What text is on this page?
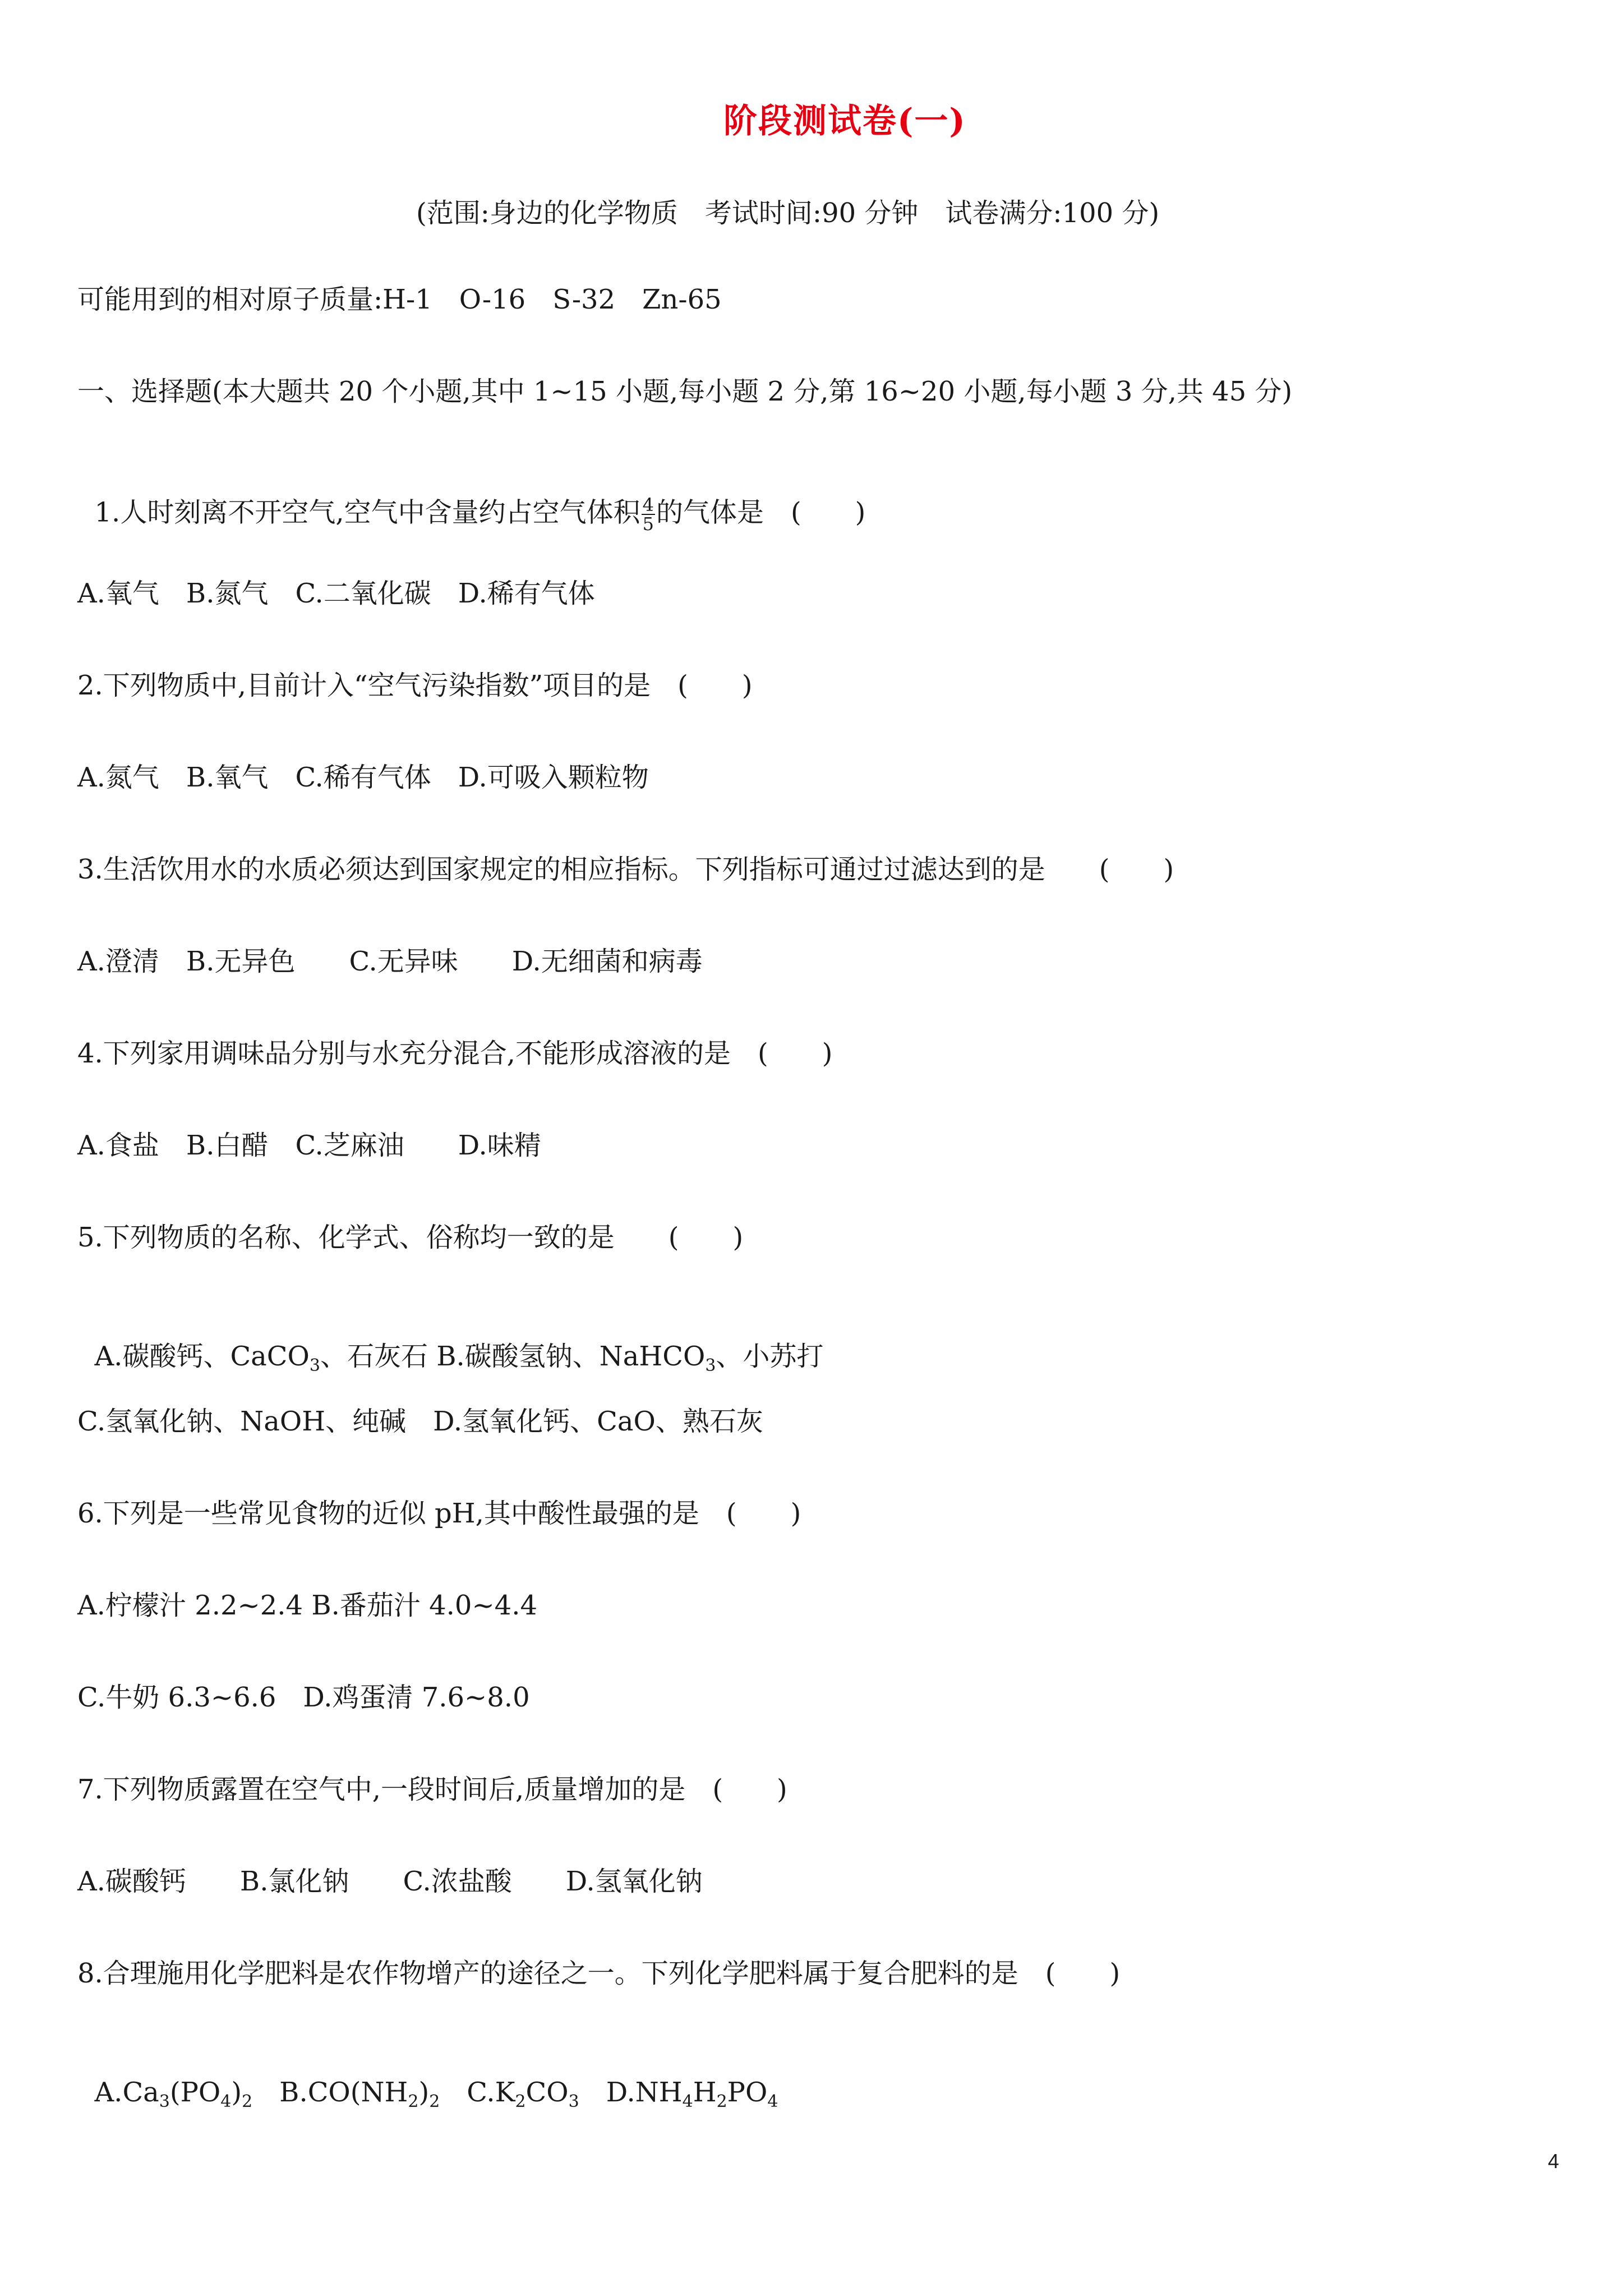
阶段测试卷(一)
(范围:身边的化学物质　考试时间:90 分钟　试卷满分:100 分)
可能用到的相对原子质量:H-1　O-16　S-32　Zn-65
一、选择题(本大题共 20 个小题,其中 1~15 小题,每小题 2 分,第 16~20 小题,每小题 3 分,共 45 分)

1.人时刻离不开空气,空气中含量约占空气体积 $\frac{4}{5}$ 的气体是　(　　)

A.氧气　B.氮气　C.二氧化碳　D.稀有气体
2.下列物质中,目前计入“空气污染指数”项目的是　(　　)
A.氮气　B.氧气　C.稀有气体　D.可吸入颗粒物
3.生活饮用水的水质必须达到国家规定的相应指标。下列指标可通过过滤达到的是　　(　　)
A.澄清　B.无异色　　C.无异味　　D.无细菌和病毒
4.下列家用调味品分别与水充分混合,不能形成溶液的是　(　　)
A.食盐　B.白醋　C.芝麻油　　D.味精
5.下列物质的名称、化学式、俗称均一致的是　　(　　)

A.碳酸钙、CaCO$_3$、石灰石 B.碳酸氢钠、NaHCO$_3$、小苏打

C.氢氧化钠、NaOH、纯碱　D.氢氧化钙、CaO、熟石灰
6.下列是一些常见食物的近似 pH,其中酸性最强的是　(　　)
A.柠檬汁 2.2~2.4 B.番茄汁 4.0~4.4
C.牛奶 6.3~6.6　D.鸡蛋清 7.6~8.0
7.下列物质露置在空气中,一段时间后,质量增加的是　(　　)
A.碳酸钙　　B.氯化钠　　C.浓盐酸　　D.氢氧化钠
8.合理施用化学肥料是农作物增产的途径之一。下列化学肥料属于复合肥料的是　(　　)

$A.Ca_3(PO_4)_2$　$B.CO(NH_2)_2$　$C.K_2CO_3$　$D.NH_4H_2PO_4$

4
